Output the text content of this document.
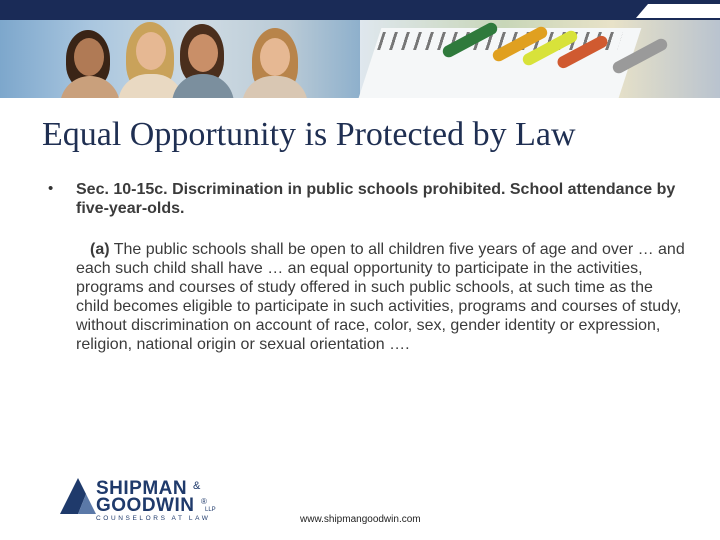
Equal Opportunity is Protected by Law
• Sec. 10-15c. Discrimination in public schools prohibited. School attendance by five-year-olds.
(a) The public schools shall be open to all children five years of age and over … and each such child shall have … an equal opportunity to participate in the activities, programs and courses of study offered in such public schools, at such time as the child becomes eligible to participate in such activities, programs and courses of study, without discrimination on account of race, color, sex, gender identity or expression, religion, national origin or sexual orientation ….
SHIPMAN &
GOODWIN ®
LLP
COUNSELORS AT LAW	www.shipmangoodwin.com
